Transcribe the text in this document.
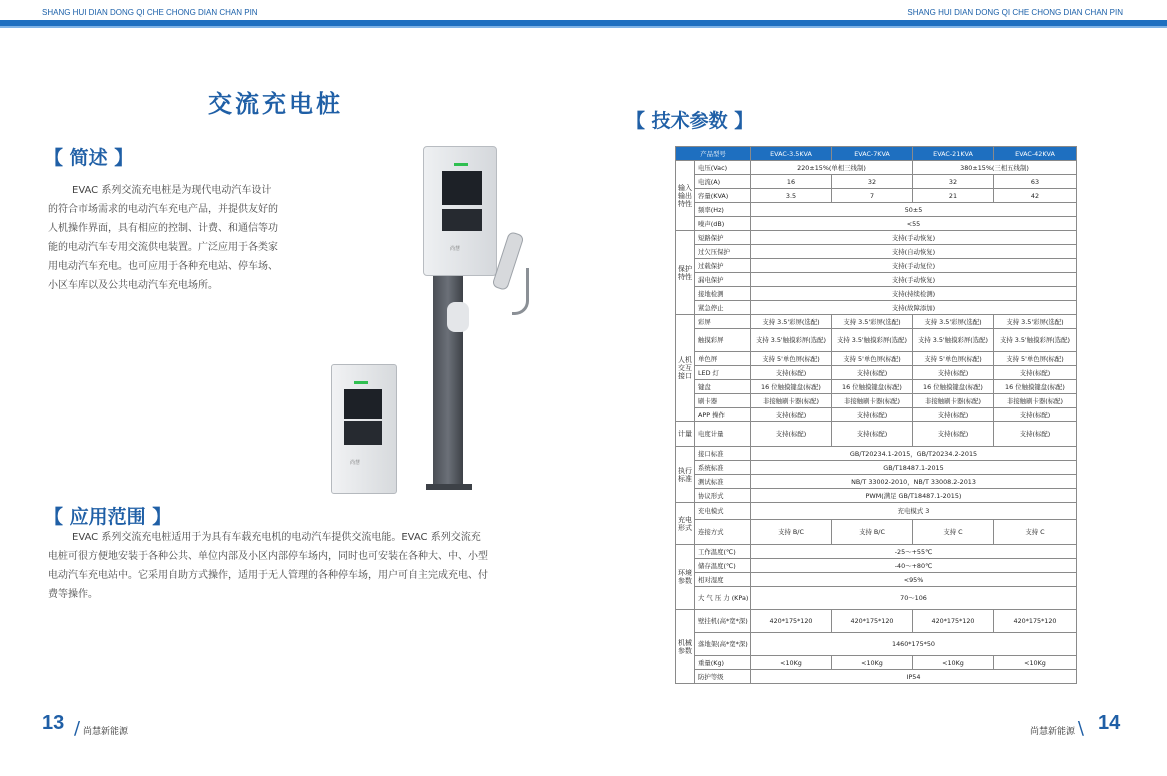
SHANG HUI DIAN DONG QI CHE CHONG DIAN CHAN PIN	SHANG HUI DIAN DONG QI CHE CHONG DIAN CHAN PIN
交流充电桩
【 简述 】
EVAC 系列交流充电桩是为现代电动汽车设计
的符合市场需求的电动汽车充电产品，并提供友好的
人机操作界面，具有相应的控制、计费、和通信等功
能的电动汽车专用交流供电装置。广泛应用于各类家
用电动汽车充电。也可应用于各种充电站、停车场、
小区车库以及公共电动汽车充电场所。
尚慧
尚慧
【 应用范围 】
EVAC 系列交流充电桩适用于为具有车载充电机的电动汽车提供交流电能。EVAC 系列交流充
电桩可很方便地安装于各种公共、单位内部及小区内部停车场内，同时也可安装在各种大、中、小型
电动汽车充电站中。它采用自助方式操作，适用于无人管理的各种停车场，用户可自主完成充电、付
费等操作。
13 / 尚慧新能源
【 技术参数 】
产品型号		EVAC-3.5KVA	EVAC-7KVA	EVAC-21KVA	EVAC-42KVA
输入输出特性	电压(Vac)	220±15%(单相三线制)		380±15%(三相五线制)	
	电流(A)	16	32	32	63
	容量(KVA)	3.5	7	21	42
	频率(Hz)	50±5			
	噪声(dB)	<55			
保护特性	短路保护	支持(手动恢复)			
	过欠压保护	支持(自动恢复)			
	过载保护	支持(手动复位)			
	漏电保护	支持(手动恢复)			
	接地检测	支持(持续检测)			
	紧急停止	支持(故障添加)			
人机交互接口	彩屏	支持 3.5'彩屏(选配)	支持 3.5'彩屏(选配)	支持 3.5'彩屏(选配)	支持 3.5'彩屏(选配)
	触摸彩屏	支持 3.5'触摸彩屏(选配)	支持 3.5'触摸彩屏(选配)	支持 3.5'触摸彩屏(选配)	支持 3.5'触摸彩屏(选配)
	单色屏	支持 5'单色屏(标配)	支持 5'单色屏(标配)	支持 5'单色屏(标配)	支持 5'单色屏(标配)
	LED 灯	支持(标配)	支持(标配)	支持(标配)	支持(标配)
	键盘	16 位触摸键盘(标配)	16 位触摸键盘(标配)	16 位触摸键盘(标配)	16 位触摸键盘(标配)
	刷卡器	非接触刷卡器(标配)	非接触刷卡器(标配)	非接触刷卡器(标配)	非接触刷卡器(标配)
	APP 操作	支持(标配)	支持(标配)	支持(标配)	支持(标配)
计量	电度计量	支持(标配)	支持(标配)	支持(标配)	支持(标配)
执行标准	接口标准	GB/T20234.1-2015，GB/T20234.2-2015			
	系统标准	GB/T18487.1-2015			
	测试标准	NB/T 33002-2010，NB/T 33008.2-2013			
	协议形式	PWM(满足 GB/T18487.1-2015)			
充电形式	充电模式	充电模式 3			
	连接方式	支持 B/C	支持 B/C	支持 C	支持 C
环境参数	工作温度(℃)	-25～+55℃			
	储存温度(℃)	-40～+80℃			
	相对湿度	<95%			
	大 气 压 力 (KPa)	70～106			
机械参数	壁挂机(高*宽*深)	420*175*120	420*175*120	420*175*120	420*175*120
	落地架(高*宽*深)	1460*175*50			
	重量(Kg)	<10Kg	<10Kg	<10Kg	<10Kg
	防护等级	IP54			
尚慧新能源 \ 14
